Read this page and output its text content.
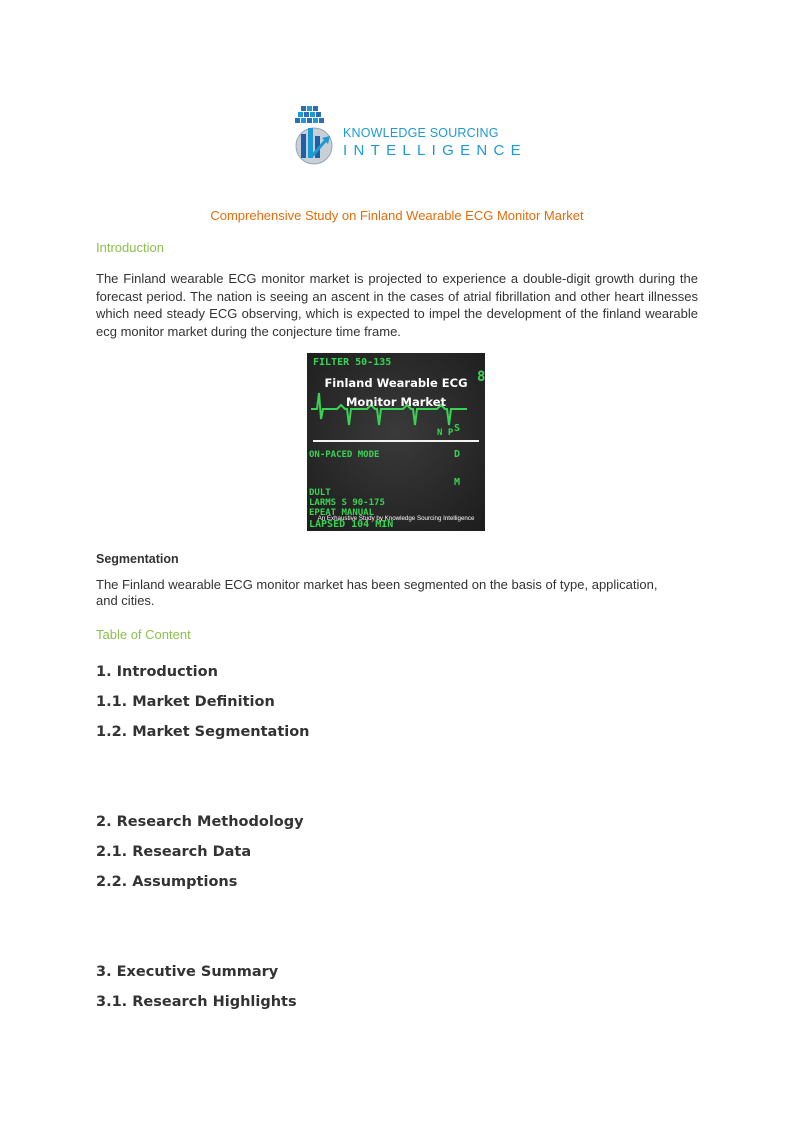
KNOWLEDGE SOURCING
INTELLIGENCE
Comprehensive Study on Finland Wearable ECG Monitor Market
Introduction
The Finland wearable ECG monitor market is projected to experience a double-digit growth during the forecast period. The nation is seeing an ascent in the cases of atrial fibrillation and other heart illnesses which need steady ECG observing, which is expected to impel the development of the finland wearable ecg monitor market during the conjecture time frame.
FILTER 50-135
ON-PACED MODE
DULT
LARMS S 90-175
EPEAT MANUAL
LAPSED 104 MIN
S
D
M
N P
8
Finland Wearable ECG
Monitor Market
An Exhaustive Study by Knowledge Sourcing Intelligence
Segmentation
The Finland wearable ECG monitor market has been segmented on the basis of type, application, and cities.
Table of Content
1. Introduction
1.1. Market Definition
1.2. Market Segmentation
2. Research Methodology
2.1. Research Data
2.2. Assumptions
3. Executive Summary
3.1. Research Highlights
